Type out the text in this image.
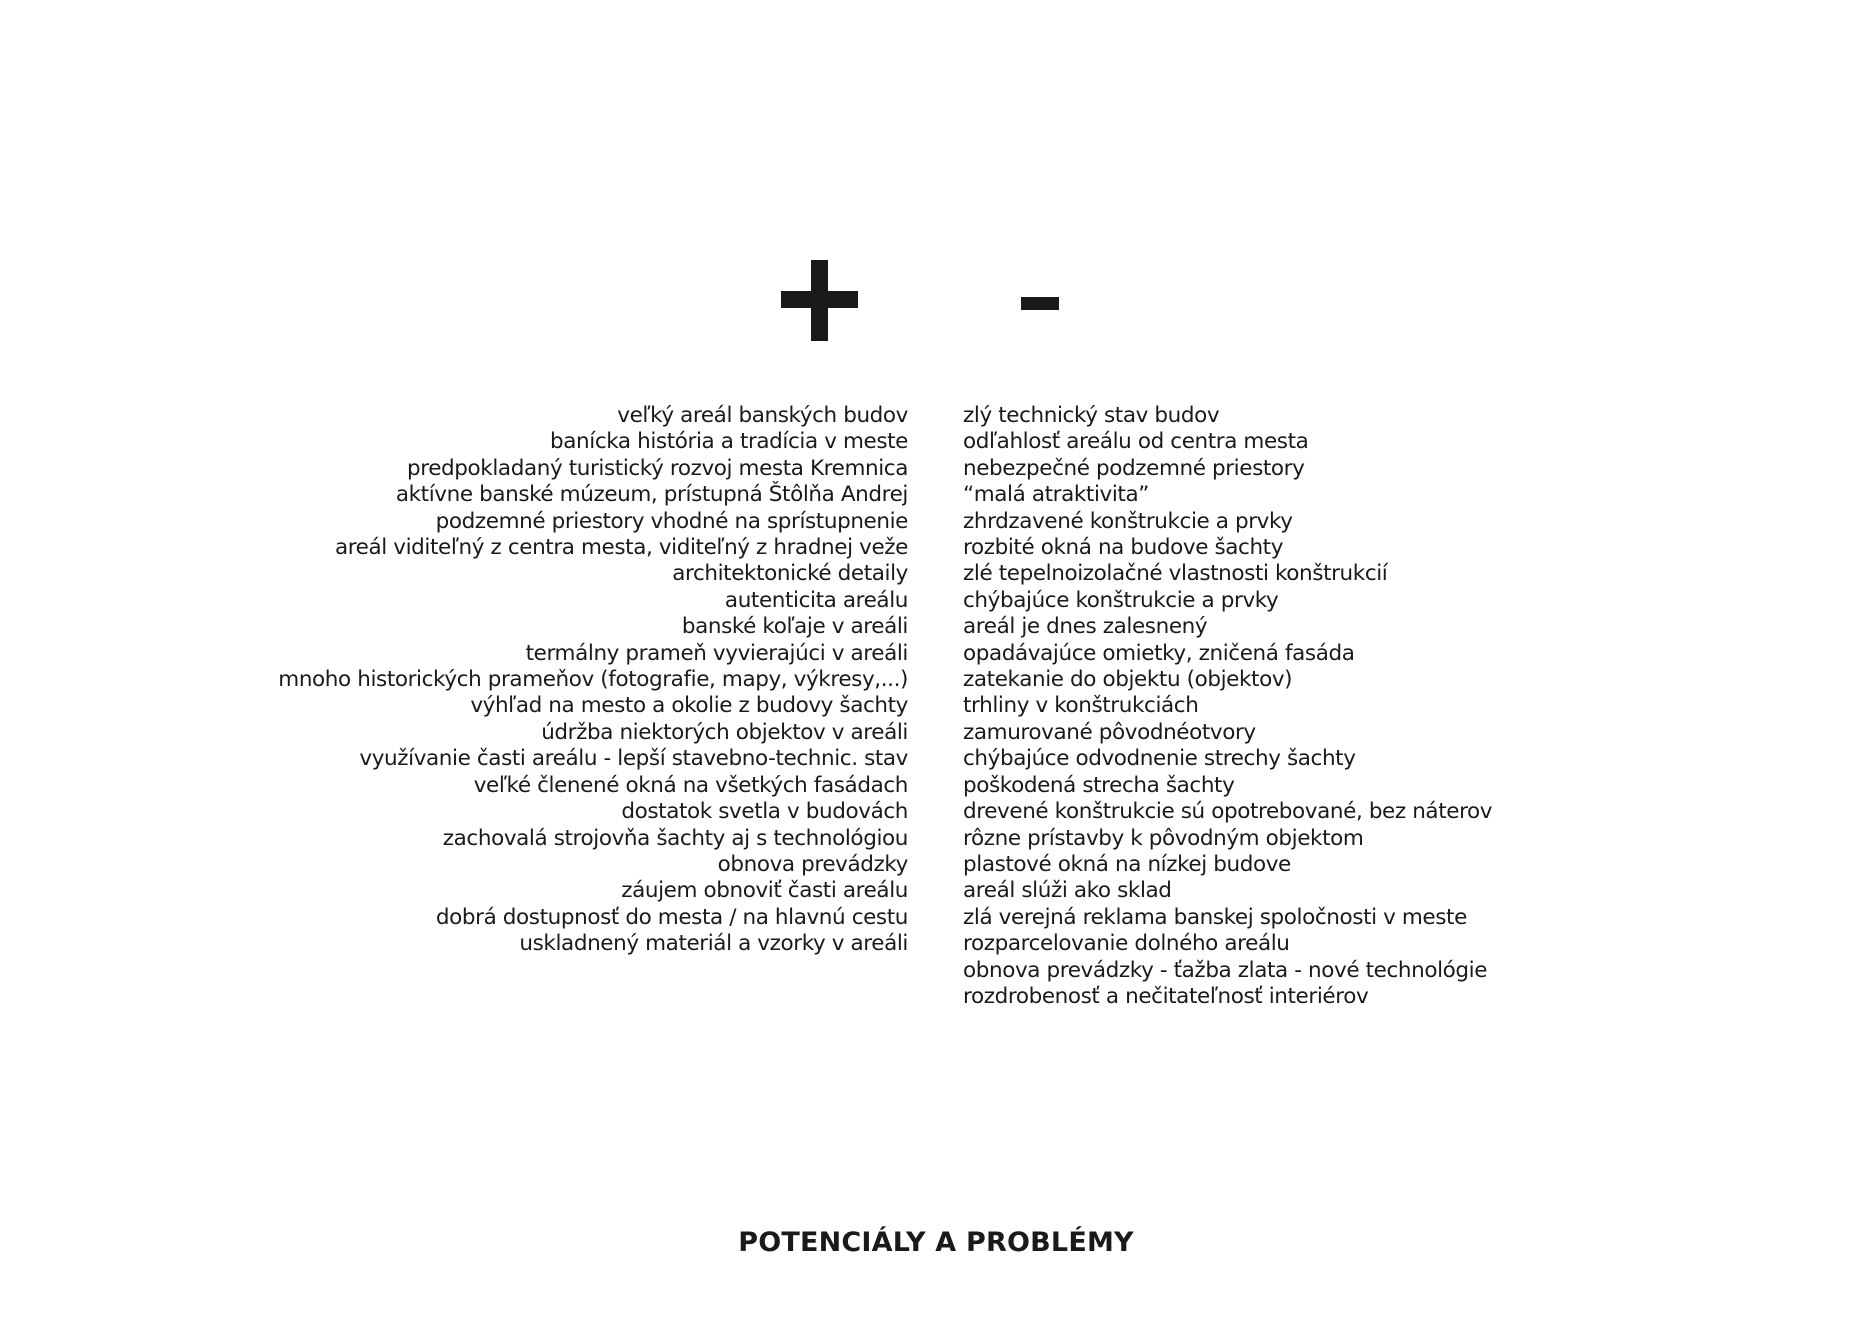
veľký areál banských budov
banícka história a tradícia v meste
predpokladaný turistický rozvoj mesta Kremnica
aktívne banské múzeum, prístupná Štôlňa Andrej
podzemné priestory vhodné na sprístupnenie
areál viditeľný z centra mesta, viditeľný z hradnej veže
architektonické detaily
autenticita areálu
banské koľaje v areáli
termálny prameň vyvierajúci v areáli
mnoho historických prameňov (fotografie, mapy, výkresy,...)
výhľad na mesto a okolie z budovy šachty
údržba niektorých objektov v areáli
využívanie časti areálu - lepší stavebno-technic. stav
veľké členené okná na všetkých fasádach
dostatok svetla v budovách
zachovalá strojovňa šachty aj s technológiou
obnova prevádzky
záujem obnoviť časti areálu
dobrá dostupnosť do mesta / na hlavnú cestu
uskladnený materiál a vzorky v areáli
zlý technický stav budov
odľahlosť areálu od centra mesta
nebezpečné podzemné priestory
“malá atraktivita”
zhrdzavené konštrukcie a prvky
rozbité okná na budove šachty
zlé tepelnoizolačné vlastnosti konštrukcií
chýbajúce konštrukcie a prvky
areál je dnes zalesnený
opadávajúce omietky, zničená fasáda
zatekanie do objektu (objektov)
trhliny v konštrukciách
zamurované pôvodnéotvory
chýbajúce odvodnenie strechy šachty
poškodená strecha šachty
drevené konštrukcie sú opotrebované, bez náterov
rôzne prístavby k pôvodným objektom
plastové okná na nízkej budove
areál slúži ako sklad
zlá verejná reklama banskej spoločnosti v meste
rozparcelovanie dolného areálu
obnova prevádzky - ťažba zlata - nové technológie
rozdrobenosť a nečitateľnosť interiérov
POTENCIÁLY A PROBLÉMY
